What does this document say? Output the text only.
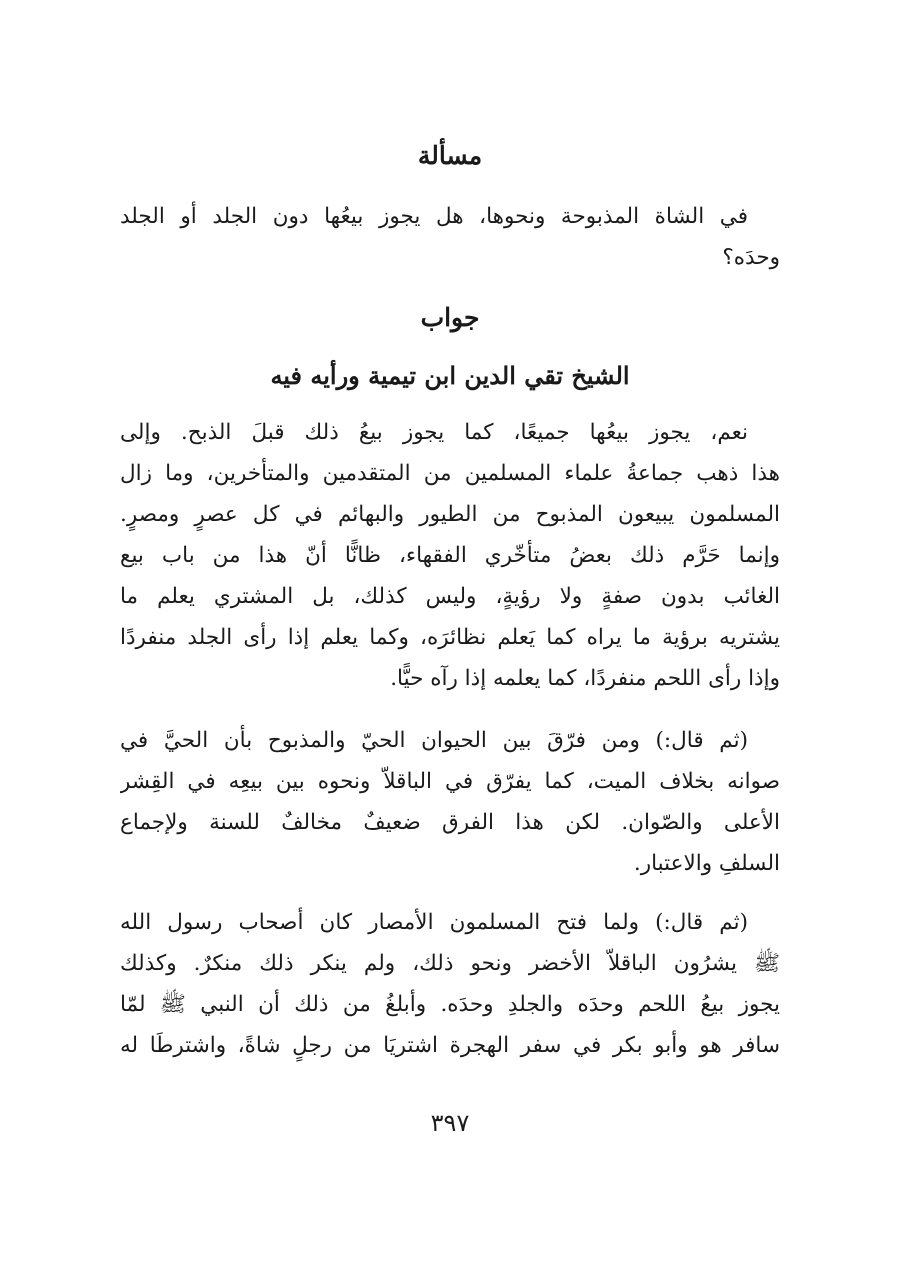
مسألة
في الشاة المذبوحة ونحوها، هل يجوز بيعُها دون الجلد أو الجلد
وحدَه؟
جواب
الشيخ تقي الدين ابن تيمية ورأيه فيه
نعم، يجوز بيعُها جميعًا، كما يجوز بيعُ ذلك قبلَ الذبح. وإلى
هذا ذهب جماعةُ علماء المسلمين من المتقدمين والمتأخرين، وما زال
المسلمون يبيعون المذبوح من الطيور والبهائم في كل عصرٍ ومصرٍ.
وإنما حَرَّم ذلك بعضُ متأخّري الفقهاء، ظانًّا أنّ هذا من باب بيع
الغائب بدون صفةٍ ولا رؤيةٍ، وليس كذلك، بل المشتري يعلم ما
يشتريه برؤية ما يراه كما يَعلم نظائرَه، وكما يعلم إذا رأى الجلد منفردًا
وإذا رأى اللحم منفردًا، كما يعلمه إذا رآه حيًّا.
(ثم قال:) ومن فرّقَ بين الحيوان الحيّ والمذبوح بأن الحيَّ في
صوانه بخلاف الميت، كما يفرّق في الباقلاّ ونحوه بين بيعِه في القِشر
الأعلى والصّوان. لكن هذا الفرق ضعيفٌ مخالفٌ للسنة ولإجماع
السلفِ والاعتبار.
(ثم قال:) ولما فتح المسلمون الأمصار كان أصحاب رسول الله
ﷺ يشرُون الباقلاّ الأخضر ونحو ذلك، ولم ينكر ذلك منكرٌ. وكذلك
يجوز بيعُ اللحم وحدَه والجلدِ وحدَه. وأبلغُ من ذلك أن النبي ﷺ لمّا
سافر هو وأبو بكر في سفر الهجرة اشتريَا من رجلٍ شاةً، واشترطَا له
٣٩٧
